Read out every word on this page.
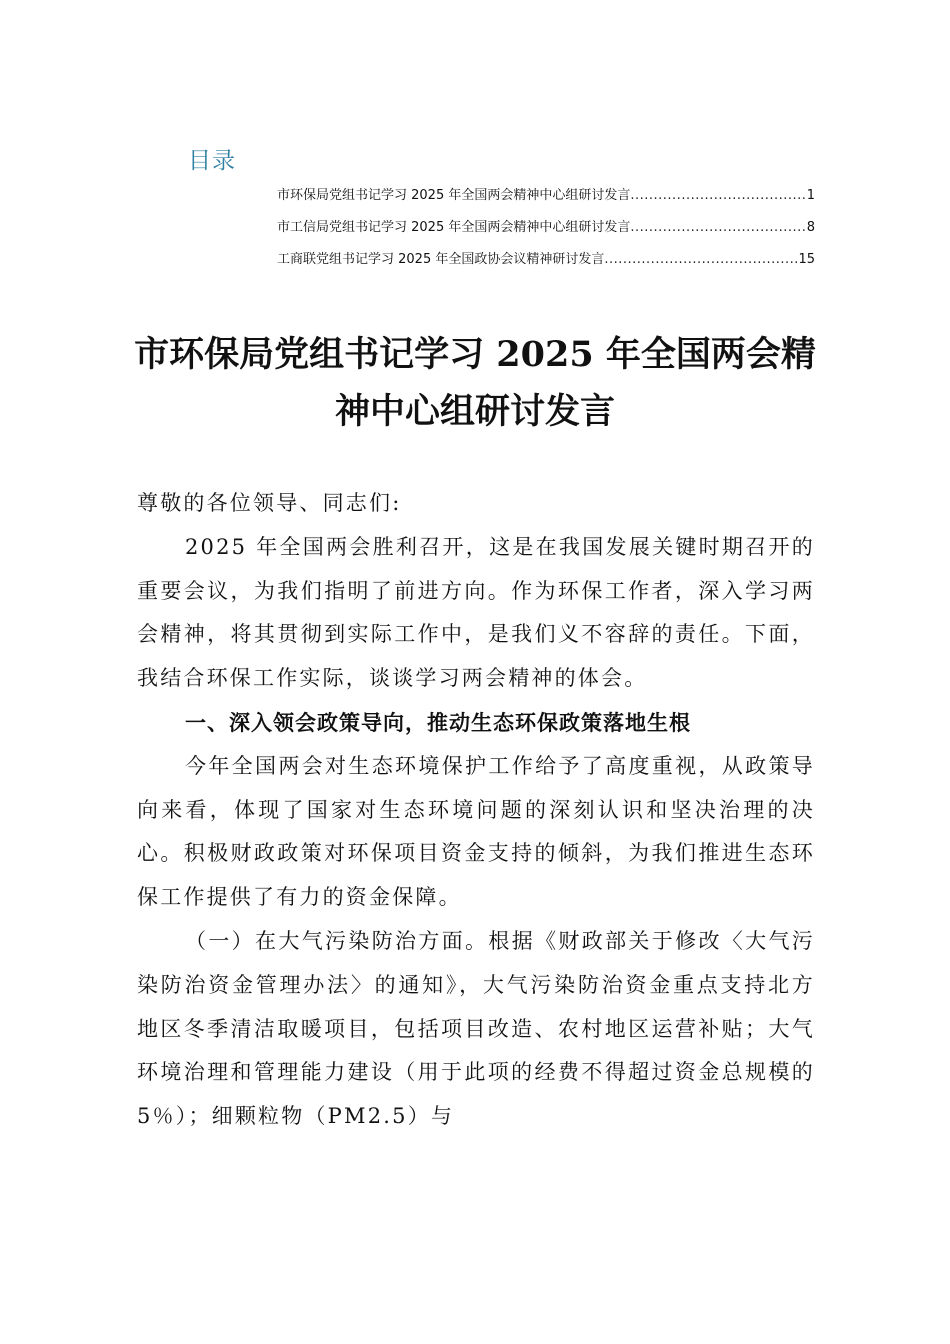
目录
市环保局党组书记学习 2025 年全国两会精神中心组研讨发言 .....	1
市工信局党组书记学习 2025 年全国两会精神中心组研讨发言 .....	8
工商联党组书记学习 2025 年全国政协会议精神研讨发言 .....	15
市环保局党组书记学习 2025 年全国两会精神中心组研讨发言

尊敬的各位领导、同志们:

2025 年全国两会胜利召开，这是在我国发展关键时期召开的重要会议，为我们指明了前进方向。作为环保工作者，深入学习两会精神，将其贯彻到实际工作中，是我们义不容辞的责任。下面，我结合环保工作实际，谈谈学习两会精神的体会。

一、深入领会政策导向，推动生态环保政策落地生根

今年全国两会对生态环境保护工作给予了高度重视，从政策导向来看，体现了国家对生态环境问题的深刻认识和坚决治理的决心。积极财政政策对环保项目资金支持的倾斜，为我们推进生态环保工作提供了有力的资金保障。

（一）在大气污染防治方面。根据《财政部关于修改〈大气污染防治资金管理办法〉的通知》，大气污染防治资金重点支持北方地区冬季清洁取暖项目，包括项目改造、农村地区运营补贴；大气环境治理和管理能力建设（用于此项的经费不得超过资金总规模的 5％）；细颗粒物（PM2.5）与
